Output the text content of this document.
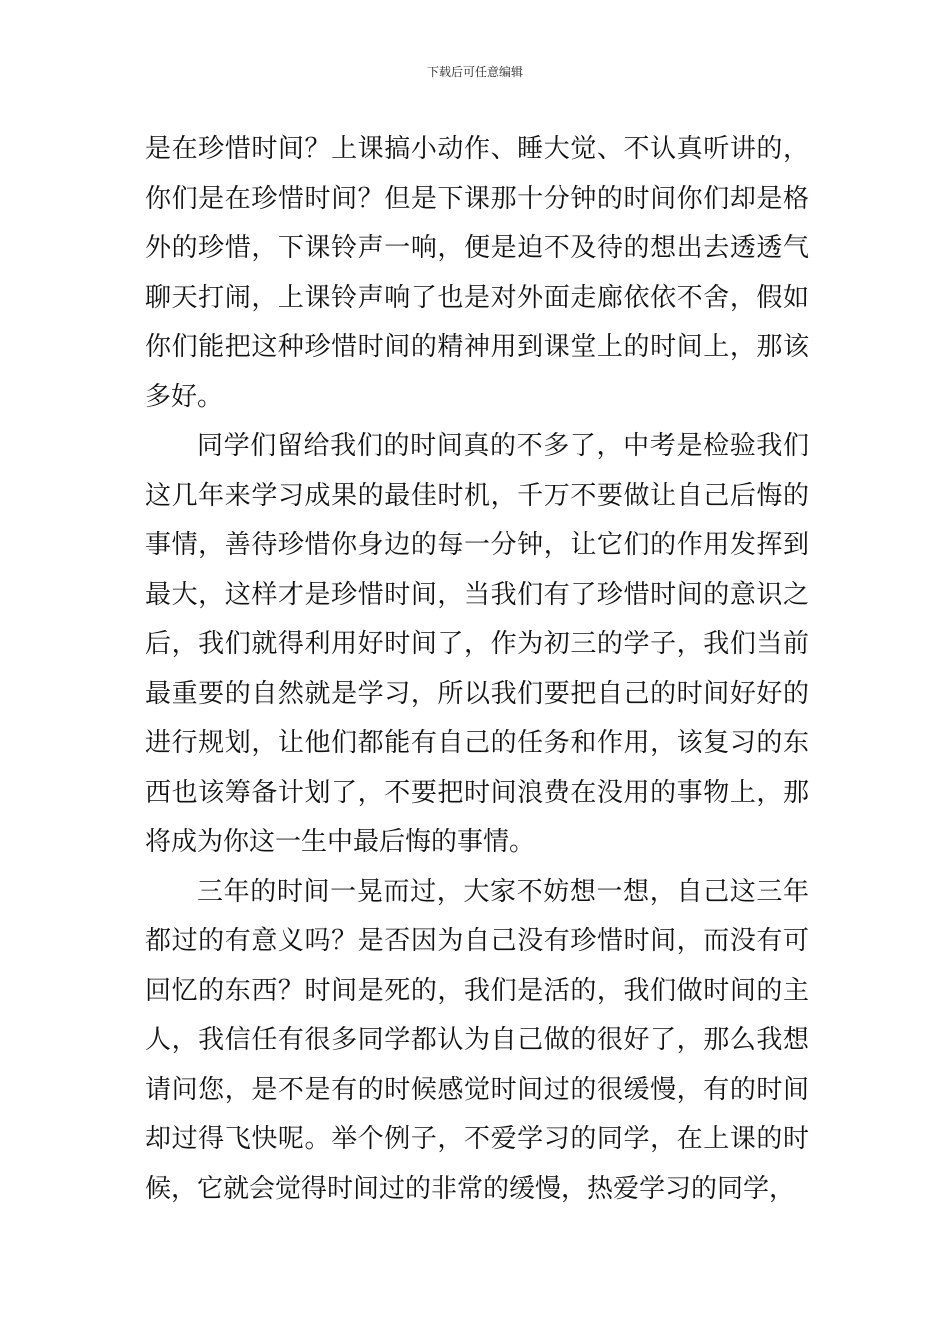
下载后可任意编辑

是在珍惜时间？上课搞小动作、睡大觉、不认真听讲的，你们是在珍惜时间？但是下课那十分钟的时间你们却是格外的珍惜，下课铃声一响，便是迫不及待的想出去透透气聊天打闹，上课铃声响了也是对外面走廊依依不舍，假如你们能把这种珍惜时间的精神用到课堂上的时间上，那该多好。

同学们留给我们的时间真的不多了，中考是检验我们这几年来学习成果的最佳时机，千万不要做让自己后悔的事情，善待珍惜你身边的每一分钟，让它们的作用发挥到最大，这样才是珍惜时间，当我们有了珍惜时间的意识之后，我们就得利用好时间了，作为初三的学子，我们当前最重要的自然就是学习，所以我们要把自己的时间好好的进行规划，让他们都能有自己的任务和作用，该复习的东西也该筹备计划了，不要把时间浪费在没用的事物上，那将成为你这一生中最后悔的事情。

三年的时间一晃而过，大家不妨想一想，自己这三年都过的有意义吗？是否因为自己没有珍惜时间，而没有可回忆的东西？时间是死的，我们是活的，我们做时间的主人，我信任有很多同学都认为自己做的很好了，那么我想请问您，是不是有的时候感觉时间过的很缓慢，有的时间却过得飞快呢。举个例子，不爱学习的同学，在上课的时候，它就会觉得时间过的非常的缓慢，热爱学习的同学，
